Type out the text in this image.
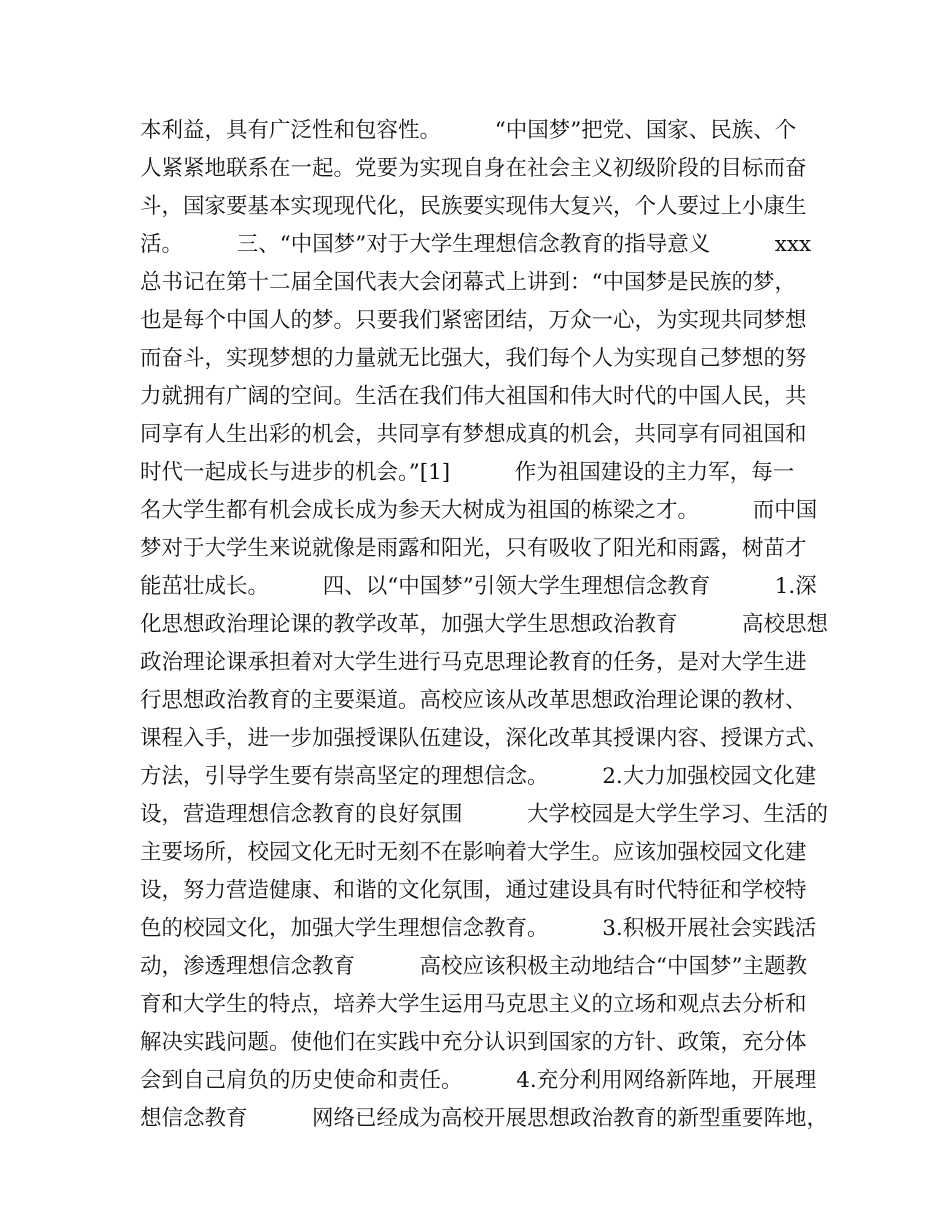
本利益，具有广泛性和包容性。　　　“中国梦”把党、国家、民族、个
人紧紧地联系在一起。党要为实现自身在社会主义初级阶段的目标而奋
斗，国家要基本实现现代化，民族要实现伟大复兴，个人要过上小康生
活。　　　三、“中国梦”对于大学生理想信念教育的指导意义　　　xxx
总书记在第十二届全国代表大会闭幕式上讲到：“中国梦是民族的梦，
也是每个中国人的梦。只要我们紧密团结，万众一心，为实现共同梦想
而奋斗，实现梦想的力量就无比强大，我们每个人为实现自己梦想的努
力就拥有广阔的空间。生活在我们伟大祖国和伟大时代的中国人民，共
同享有人生出彩的机会，共同享有梦想成真的机会，共同享有同祖国和
时代一起成长与进步的机会。”[1]　　　作为祖国建设的主力军，每一
名大学生都有机会成长成为参天大树成为祖国的栋梁之才。　　　而中国
梦对于大学生来说就像是雨露和阳光，只有吸收了阳光和雨露，树苗才
能茁壮成长。　　　四、以“中国梦”引领大学生理想信念教育　　　1.深
化思想政治理论课的教学改革，加强大学生思想政治教育　　　高校思想
政治理论课承担着对大学生进行马克思理论教育的任务，是对大学生进
行思想政治教育的主要渠道。高校应该从改革思想政治理论课的教材、
课程入手，进一步加强授课队伍建设，深化改革其授课内容、授课方式、
方法，引导学生要有崇高坚定的理想信念。　　　2.大力加强校园文化建
设，营造理想信念教育的良好氛围　　　大学校园是大学生学习、生活的
主要场所，校园文化无时无刻不在影响着大学生。应该加强校园文化建
设，努力营造健康、和谐的文化氛围，通过建设具有时代特征和学校特
色的校园文化，加强大学生理想信念教育。　　　3.积极开展社会实践活
动，渗透理想信念教育　　　高校应该积极主动地结合“中国梦”主题教
育和大学生的特点，培养大学生运用马克思主义的立场和观点去分析和
解决实践问题。使他们在实践中充分认识到国家的方针、政策，充分体
会到自己肩负的历史使命和责任。　　　4.充分利用网络新阵地，开展理
想信念教育　　　网络已经成为高校开展思想政治教育的新型重要阵地，
